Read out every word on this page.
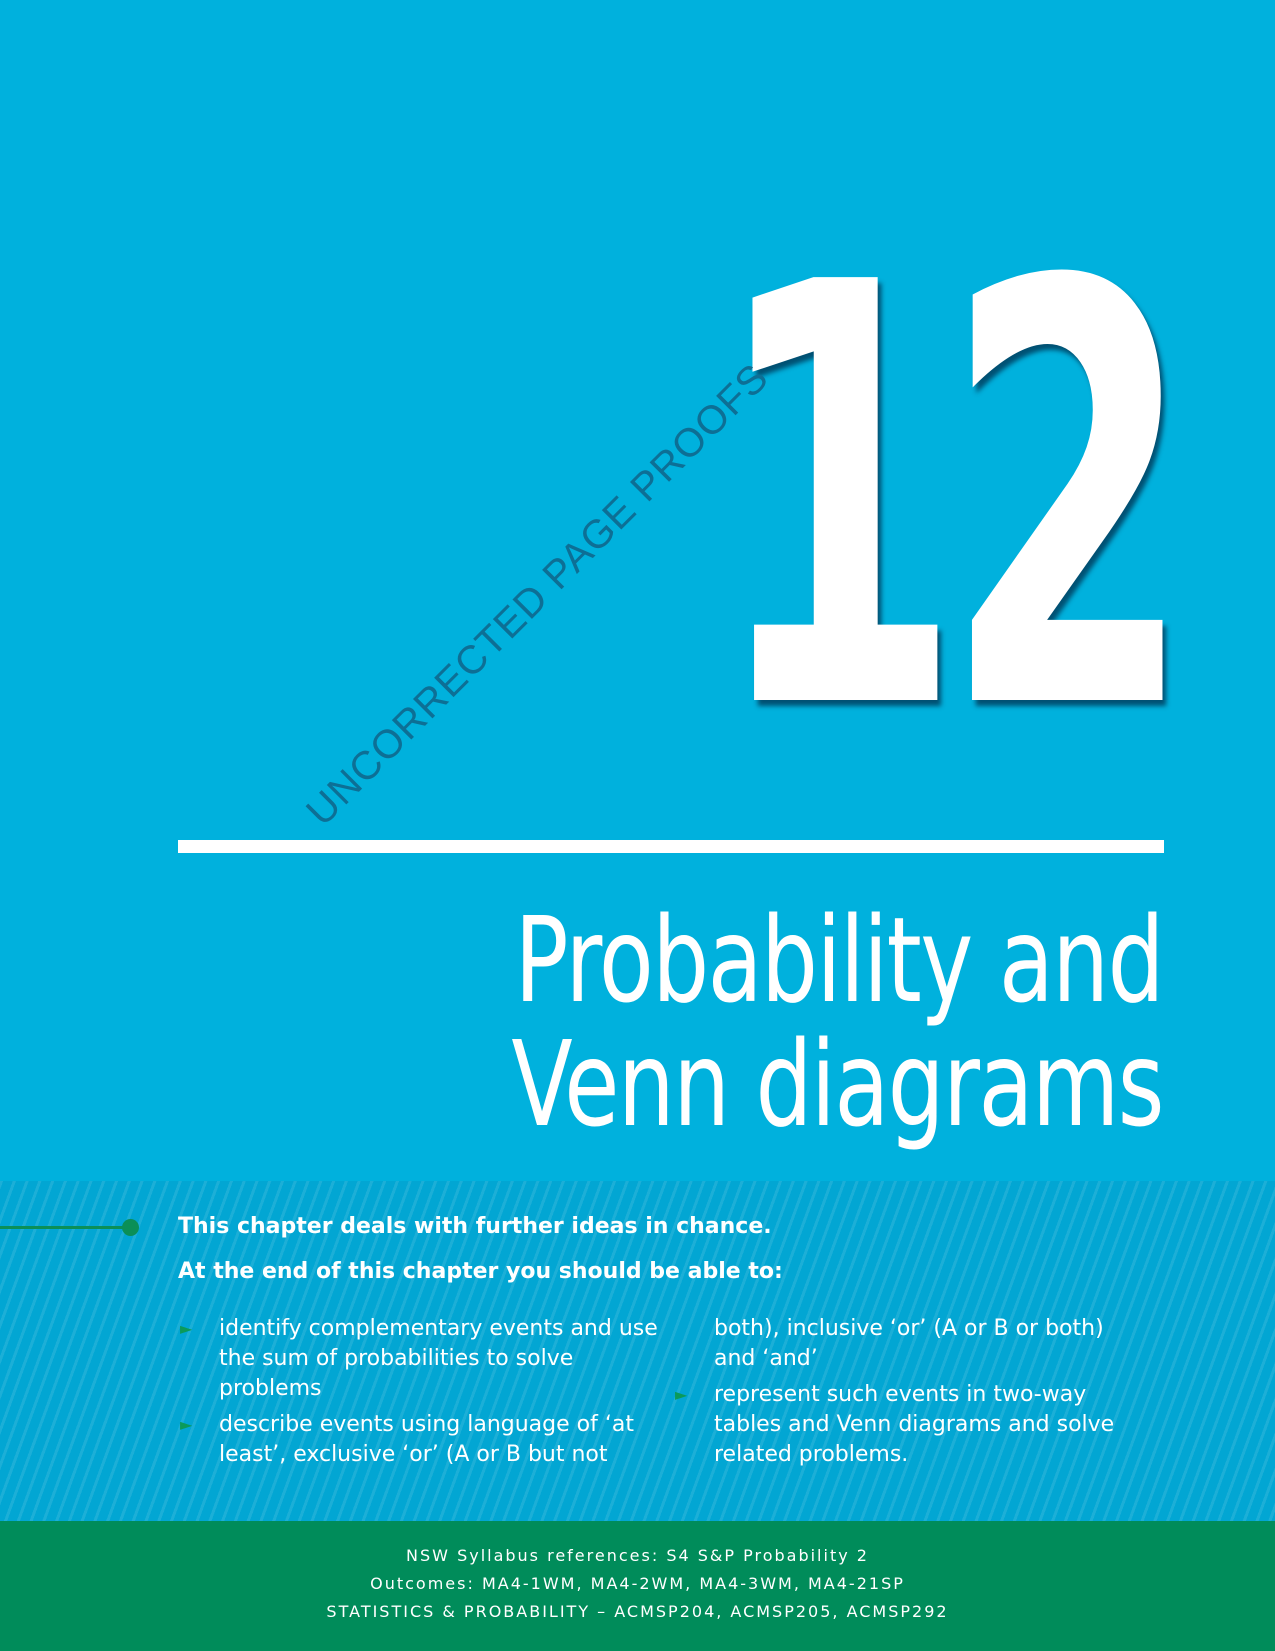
12
UNCORRECTED PAGE PROOFS
Probability and
Venn diagrams
This chapter deals with further ideas in chance.
At the end of this chapter you should be able to:
► identify complementary events and use the sum of probabilities to solve problems
► describe events using language of ‘at least’, exclusive ‘or’ (A or B but not
both), inclusive ‘or’ (A or B or both) and ‘and’
► represent such events in two-way tables and Venn diagrams and solve related problems.
NSW Syllabus references: S4 S&P Probability 2
Outcomes: MA4-1WM, MA4-2WM, MA4-3WM, MA4-21SP
STATISTICS & PROBABILITY – ACMSP204, ACMSP205, ACMSP292
